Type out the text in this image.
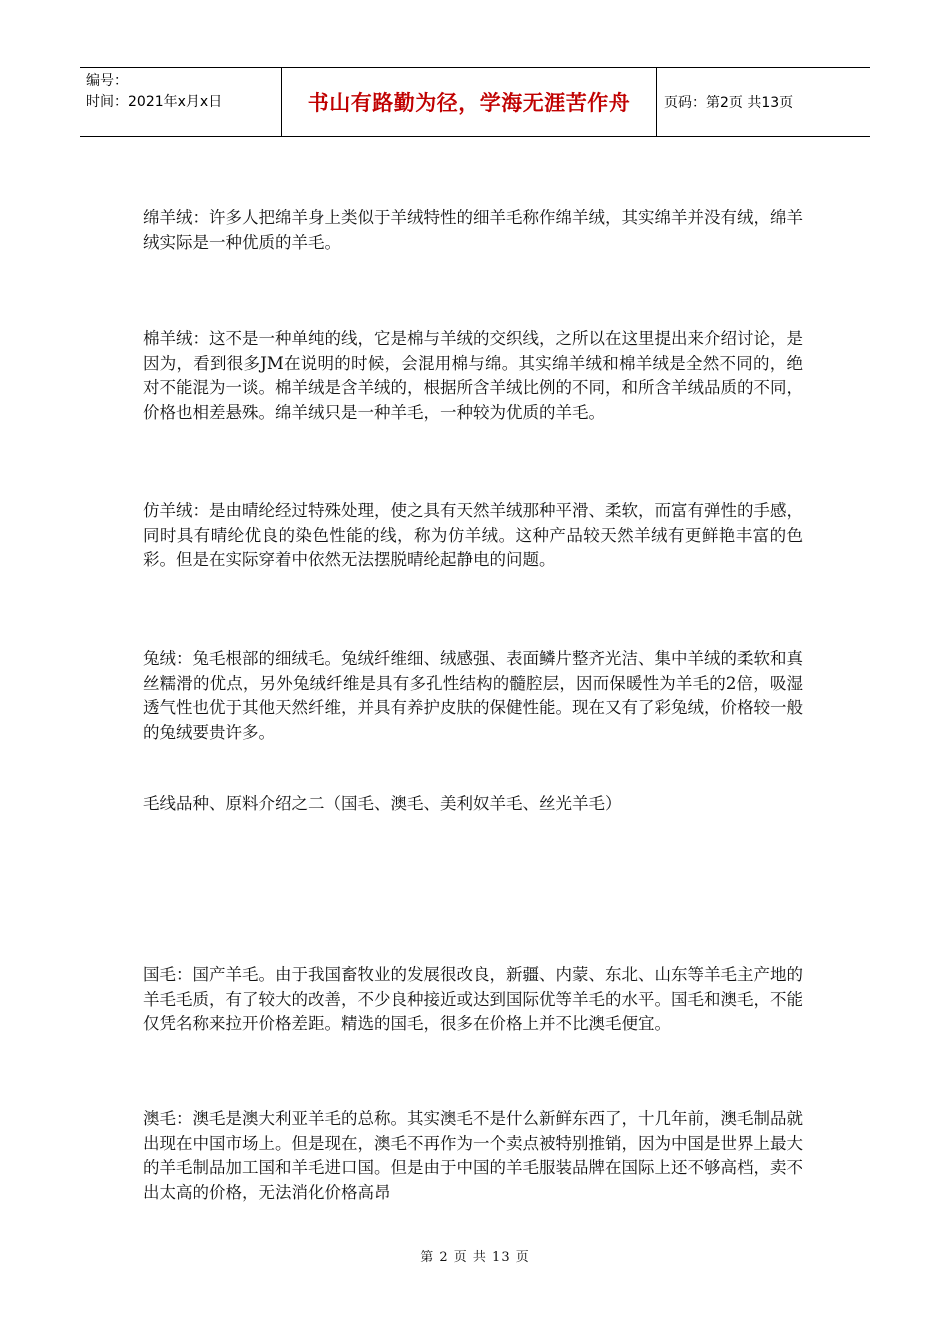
编号：
时间：2021年x月x日	书山有路勤为径，学海无涯苦作舟	页码：第2页 共13页

绵羊绒：许多人把绵羊身上类似于羊绒特性的细羊毛称作绵羊绒，其实绵羊并没有绒，绵羊绒实际是一种优质的羊毛。

棉羊绒：这不是一种单纯的线，它是棉与羊绒的交织线，之所以在这里提出来介绍讨论，是因为，看到很多JM在说明的时候，会混用棉与绵。其实绵羊绒和棉羊绒是全然不同的，绝对不能混为一谈。棉羊绒是含羊绒的，根据所含羊绒比例的不同，和所含羊绒品质的不同，价格也相差悬殊。绵羊绒只是一种羊毛，一种较为优质的羊毛。

仿羊绒：是由晴纶经过特殊处理，使之具有天然羊绒那种平滑、柔软，而富有弹性的手感，同时具有晴纶优良的染色性能的线，称为仿羊绒。这种产品较天然羊绒有更鲜艳丰富的色彩。但是在实际穿着中依然无法摆脱晴纶起静电的问题。

兔绒：兔毛根部的细绒毛。兔绒纤维细、绒感强、表面鳞片整齐光洁、集中羊绒的柔软和真丝糯滑的优点，另外兔绒纤维是具有多孔性结构的髓腔层，因而保暖性为羊毛的2倍，吸湿透气性也优于其他天然纤维，并具有养护皮肤的保健性能。现在又有了彩兔绒，价格较一般的兔绒要贵许多。

毛线品种、原料介绍之二（国毛、澳毛、美利奴羊毛、丝光羊毛）

国毛：国产羊毛。由于我国畜牧业的发展很改良，新疆、内蒙、东北、山东等羊毛主产地的羊毛毛质，有了较大的改善，不少良种接近或达到国际优等羊毛的水平。国毛和澳毛，不能仅凭名称来拉开价格差距。精选的国毛，很多在价格上并不比澳毛便宜。

澳毛：澳毛是澳大利亚羊毛的总称。其实澳毛不是什么新鲜东西了，十几年前，澳毛制品就出现在中国市场上。但是现在，澳毛不再作为一个卖点被特别推销，因为中国是世界上最大的羊毛制品加工国和羊毛进口国。但是由于中国的羊毛服装品牌在国际上还不够高档，卖不出太高的价格，无法消化价格高昂

第 2 页 共 13 页
